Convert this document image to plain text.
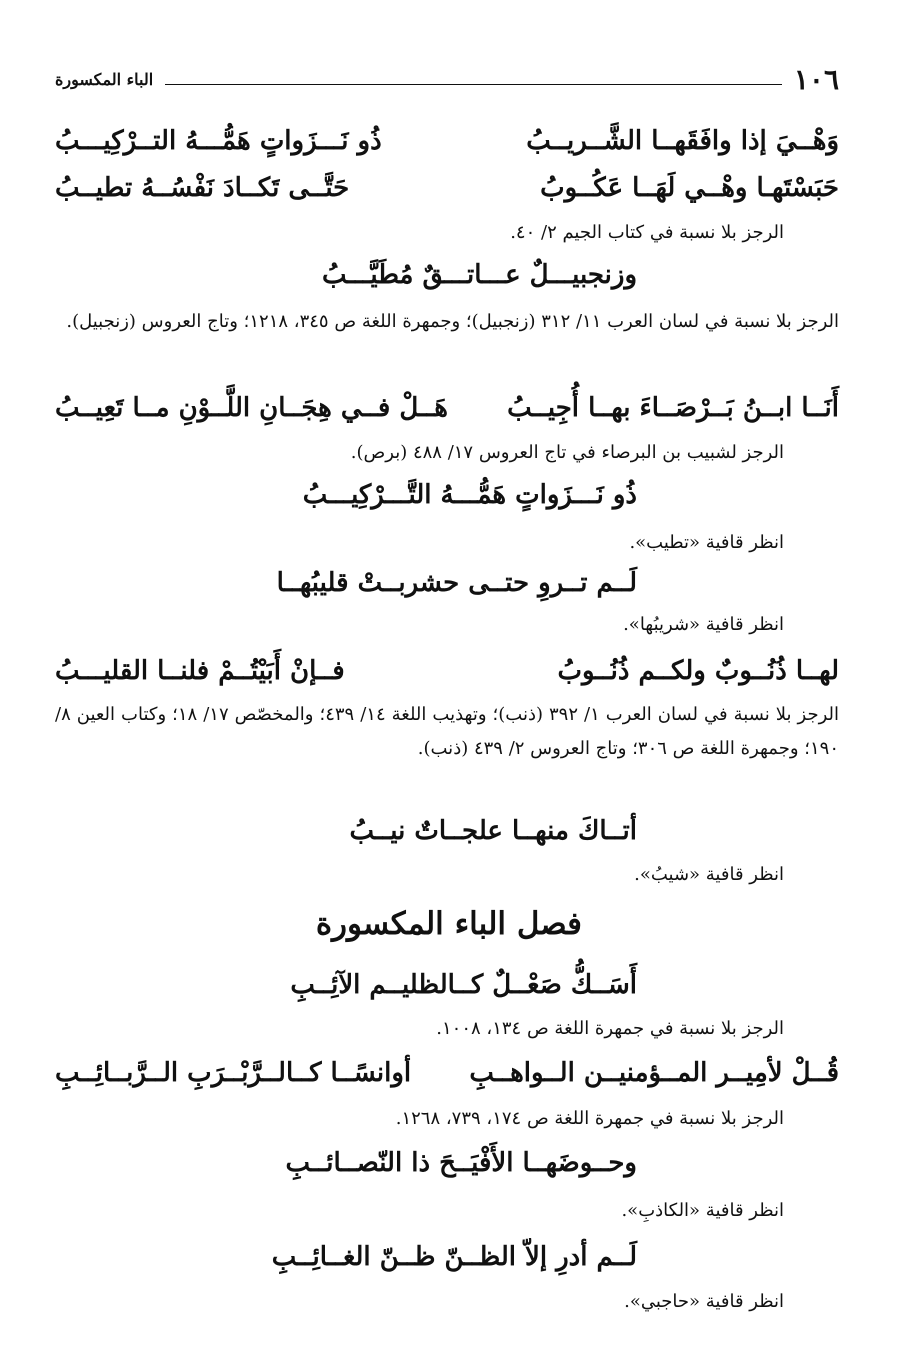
١٠٦
الباء المكسورة
وَهْــيَ إذا وافَقَهــا الشَّــريــبُ
ذُو نَـــزَواتٍ هَمُّـــهُ التــرْكِيـــبُ
حَبَسْتَهـا وهْــي لَهَــا عَكُــوبُ
حَتَّــى تَكــادَ نَفْسُــهُ تطيــبُ
الرجز بلا نسبة في كتاب الجيم ٢/ ٤٠.
وزنجبيـــلٌ عـــاتـــقٌ مُطَيَّـــبُ
الرجز بلا نسبة في لسان العرب ١١/ ٣١٢ (زنجبيل)؛ وجمهرة اللغة ص ٣٤٥، ١٢١٨؛ وتاج العروس (زنجبيل).
أَنَــا ابــنُ بَــرْصَــاءَ بهــا أُجِيــبُ
هَــلْ فــي هِجَــانِ اللَّــوْنِ مــا تَعِيــبُ
الرجز لشبيب بن البرصاء في تاج العروس ١٧/ ٤٨٨ (برص).
ذُو نَـــزَواتٍ هَمُّـــهُ التَّـــرْكِيـــبُ
انظر قافية «تطيب».
لَــم تــروِ حتــى حشربــتْ قليبُهــا
انظر قافية «شريبُها».
لهــا ذُنُــوبٌ ولكــم ذُنُــوبُ
فــإنْ أَبَيْتُــمْ فلنــا القليـــبُ
الرجز بلا نسبة في لسان العرب ١/ ٣٩٢ (ذنب)؛ وتهذيب اللغة ١٤/ ٤٣٩؛ والمخصّص ١٧/ ١٨؛ وكتاب العين ٨/ ١٩٠؛ وجمهرة اللغة ص ٣٠٦؛ وتاج العروس ٢/ ٤٣٩ (ذنب).
أتــاكَ منهــا علجــاتٌ نيــبُ
انظر قافية «شيبُ».
فصل الباء المكسورة
أَسَــكُّ صَعْــلٌ كــالظليــم الآئِــبِ
الرجز بلا نسبة في جمهرة اللغة ص ١٣٤، ١٠٠٨.
قُــلْ لأمِيــر المــؤمنيــن الــواهــبِ
أوانسًــا كــالــرَّبْــرَبِ الــرَّبــائِــبِ
الرجز بلا نسبة في جمهرة اللغة ص ١٧٤، ٧٣٩، ١٢٦٨.
وحــوضَهــا الأَفْيَــحَ ذا النّصــائــبِ
انظر قافية «الكاذبِ».
لَــم أدرِ إلاّ الظــنّ ظــنّ الغــائِــبِ
انظر قافية «حاجبي».
